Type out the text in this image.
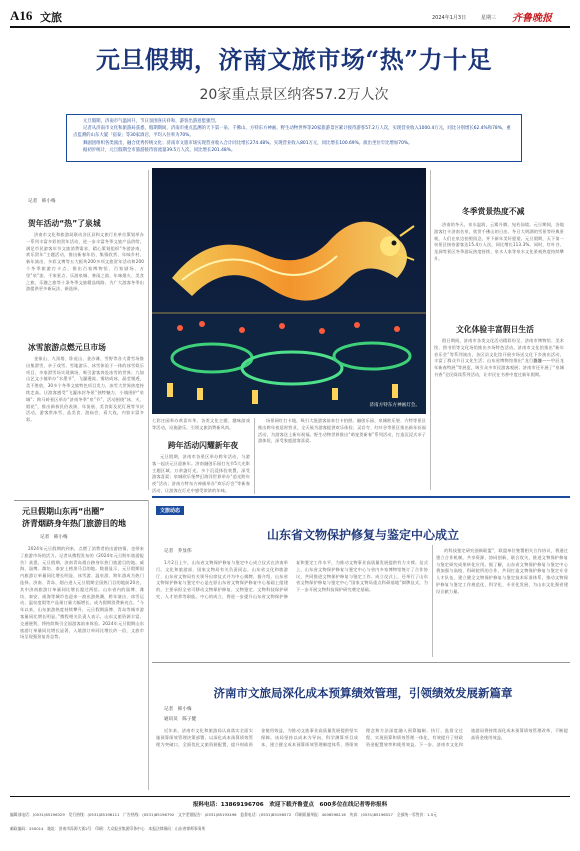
A16 文旅	2024年1月3日	星期三 齐鲁晚报
元旦假期，济南文旅市场“热”力十足
20家重点景区纳客57.2万人次

元旦假期，济南市气温回升，节日氛围喜庆祥和，游客出游意愿强烈。

记者从济南市文化和旅游局获悉，假期期间，济南市重点监测的天下第一泉、千佛山、方特东方神画、野生动物世界等20家旅游景区累计接待游客57.2万人次，实现营业收入1000.4万元，同比分别增长62.4%和78%，重点监测的山东大厦「宿泰」等30家酒店，平均入住率为70%。

舞剧团组织各类演出，融合优秀传统文化；济南市文旅市场实现营业收入合计同比增长274.48%。实现营业收入801万元，同比增长100.69%。演出坐位牢比增加70%。

据初步统计，元旦假期全市旅游接待客流量39.5万人次，同比增长201.48%。

记者　韩小梅
贺年活动“热”了泉城
济南市文化和旅游局联动各区县和文旅行业单位策划举办一系列丰富多彩的贺年活动，进一步丰富冬季文旅产品供给。满足市民游客年节文旅消费需求，精心策划组织“冬游济南，欢乐贺年”主题活动，推出新春年俗、集情欣赏、年味乡村、新年演出、多彩文博等五大板块200多项文旅贺年活动和200个冬季旅游打卡点，推出百家博物馆、百家剧场、万里“泉”流、千家景点、乐游泉城、寒雨之韵、年味烟火、美食之旅、乐趣之旅等十条冬季文旅精品线路，为广大游客冬季出游提供更多新玩法、新选择。
冰雪旅游点燃元旦市场
金象山、九顶塔、卧虎山、金沙滩、雪野等各大滑雪场推出集滑雪、亲子戏雪、雪地游乐、冰雪体验于一体的冰雪娱乐项目，多家滑雪场实现满场，吸引游客奔赴冰雪的世界；九如山艺文小镇举办“水墨节”，飞瀑漫流、雾结成冰，晶莹剔透，美不胜收，30多个冬季文旅特色项目发力，冰雪大世界热度持续走高。让游客感受“飞瀑冰封冬景”独特魅力，小镇围护“泉城”；跨马岭景区举办“济南冬季“泉”节”，活动围绕“冰、火、烟花”，推出新春民俗表演、年货展、美食街及花灯展等节庆活动，游客赏冰雪、品美食、游庙会、看大戏，内容丰富多彩。
济南方特东方神画灯会。
七彩庄园举办欢喜年华，各类文化主题、趣味游戏等活动，设施游乐，引领文旅消费新风尚。
跨年活动闪耀新年夜
元旦假期，济南市各景区举办跨年活动，与游客一起庆元旦迎新年。济南融创乐园打光节5大光影主题区域、万余盏灯光、多个沉浸体验装置，深受游客喜爱；泉城欧乐堡梦幻海洋世界举办“追光跨年夜”活动；济南方特东方神画举办“欢乐灯会”等新春活动，让游客在灯光中感受浓浓的年味。
场景网红打卡地，吸引大批游客前来打卡拍照。融创乐园、泉城欧乐堡、方特等景区推出跨年夜延时营业，全天候为游客提供欢乐体验；灵岩寺、红叶谷等景区推出新年祈福活动，为游客送上新年祝福。野生动物世界推出“萌宠贺新春”系列活动，打造沉浸式亲子游体验，深受家庭游客喜爱。
冬季赏景热度不减
济南的冬天，泉水温润，云雾升腾，宛若仙境。元旦期间，各地游客打卡济南名泉，欣赏千佛山的日出、冬日大明湖的雪景等经典景观，人们在泉边拍照留念，并下新年美好愿望。元旦假期，天下第一泉景区接待游客达15.4万人次，同比增长113.3%。同时，红叶谷、龙洞等景区冬季游玩热度持续，泉水人家等泉水文化景观热度持续攀升。
文化体验丰富假日生活
假日期间，济南市各类文化活动精彩纷呈，济南市博物馆、美术馆、图书馆等文化场馆推出多场特色活动。济南市文化馆推出“新年音乐会”等系列演出，各区县文化馆开展多场送文化下乡演出活动，丰富了群众节日文化生活；山东省博物馆推出“龙行龘龘——甲辰龙年新春特展”等展览，吸引众多市民游客观展；济南市还开展了“泉城书香”全民阅读系列活动，让市民在书香中度过新年假期。
元旦假期山东再“出圈”
济青烟跻身年热门旅游目的地
记者　韩小梅
2024年元旦假期的到来，点燃了消费者的出游热情，也带来了旅游市场的活力。记者从携程发布的《2024年元旦跨年旅游报告》获悉，元旦假期，济南青岛烟台跻身年热门旅游目的地。威海、淄博、潍坊、泰安上榜黑马目的地。数据显示，元旦假期国内旅游订单量同比增长明显，冰雪游、温泉游、跨年游成为热门选择。济南、青岛、烟台进入元旦假期全国热门目的地前20名，其中济南旅游订单量同比增长超过两倍。山东省内的淄博、潍坊、泰安、威海等城市也迎来一波出游热潮，跨年演出、冰雪运动、温泉度假等产品预订量大幅增长，成为假期消费新亮点。“今年以来，山东旅游热度持续攀升，元旦假期淄博、青岛等城市游客量同比增长明显。”携程相关负责人表示，山东文旅资源丰富，交通便利，将持续吸引全国游客前来体验。2024年元旦假期山东旅游订单量同比增长显著，入境游订单同比增长约一倍，文旅市场呈现强劲复苏态势。
文旅动态
山东省文物保护修复与鉴定中心成立
记者　乔显伟
1月2日上午，山东省文物保护修复与鉴定中心成立仪式在济南举行。文化和旅游部、国家文物局有关负责同志，山东省文化和旅游厅、山东省文物局有关领导出席仪式并为中心揭牌。据介绍，山东省文物保护修复与鉴定中心是在原山东省文物保护修复中心基础上组建的，主要承担全省可移动文物保护修复、文物鉴定、文物科技保护研究、人才培养等职能。中心的成立，将进一步提升山东省文物保护修复和鉴定工作水平，为推动文物事业高质量发展提供有力支撑。仪式上，山东省文物保护修复与鉴定中心与省内多家博物馆签订了合作协议，共同推进文物保护修复与鉴定工作。成立仪式上，还举行了山东省文物保护修复与鉴定中心“国家文物局重点科研基地”揭牌仪式，为下一步开展文物科技保护研究奠定基础。
的科技鉴定研究创新联盟”，联盟单位签署相关合作协议，将通过建立合作机制，共享资源，协同创新，联合攻关，推进文物保护修复与鉴定研究成果转化应用。据了解，山东省文物保护修复与鉴定中心将加强与高校、科研院所的合作，共同打造文物保护修复与鉴定专业人才队伍，建立健全文物保护修复与鉴定技术标准体系，推动文物保护修复与鉴定工作规范化、科学化、专业化发展，为山东文化强省建设贡献力量。
济南市文旅局深化成本预算绩效管理，引领绩效发展新篇章
记者　韩小梅
通讯员　陈子健
近年来，济南市文化和旅游局认真落实全面实施预算绩效管理决策部署，以深化成本预算绩效管理为突破口，全面优化文旅资源配置，提升财政资金使用效益，为推动文旅事业高质量发展提供坚实保障。该局坚持以成本为导向，科学测算项目成本，建立健全成本预算绩效管理制度体系，将绩效理念和方法深度融入预算编制、执行、监督全过程，实现预算和绩效管理一体化，有效提升了财政资金配置效率和使用效益。下一步，济南市文化和旅游局将持续深化成本预算绩效管理改革，不断提高资金使用效益。
报料电话：13869196706　欢迎下载齐鲁壹点　600多位在线记者等你报料
编辑部电话：(0531)85196329　发行热线：(0531)85196111　广告热线：(0531)85196792　文字差错报告：(0531)85193496　监督电话：(0531)85196572　印刷质量举报：4006598116　传真：(0531)85196527　全部统一零售价：1.5元
邮政编码：250014　地址：济南市泺源大街2号　印刷：大众报业集团印务中心　本报法律顾问：山东省律师事务所
